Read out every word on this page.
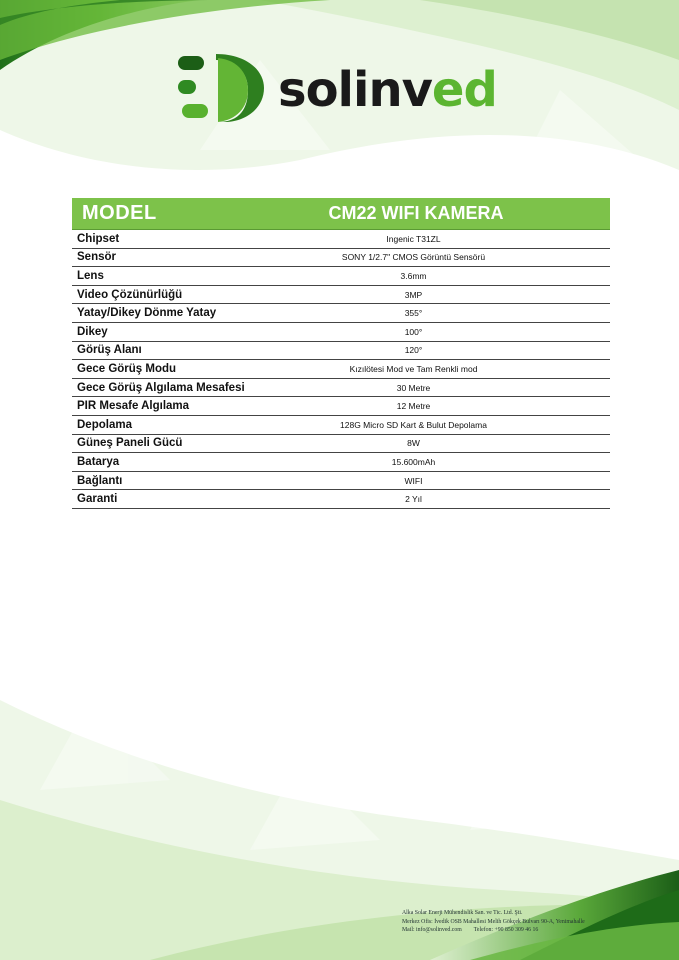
solinved
MODEL	CM22 WIFI KAMERA
Chipset	Ingenic T31ZL
Sensör	SONY 1/2.7" CMOS Görüntü Sensörü
Lens	3.6mm
Video Çözünürlüğü	3MP
Yatay/Dikey Dönme Yatay	355°
Dikey	100°
Görüş Alanı	120°
Gece Görüş Modu	Kızılötesi Mod ve Tam Renkli mod
Gece Görüş Algılama Mesafesi	30 Metre
PIR Mesafe Algılama	12 Metre
Depolama	128G Micro SD Kart & Bulut Depolama
Güneş Paneli Gücü	8W
Batarya	15.600mAh
Bağlantı	WIFI
Garanti	2 Yıl
Alka Solar Enerji Mühendislik San. ve Tic. Ltd. Şti.
Merkez Ofis: İvedik OSB Mahallesi Melih Gökçek Bulvarı 90-A, Yenimahalle
Mail: info@solinved.com Telefon: +90 850 309 46 16
